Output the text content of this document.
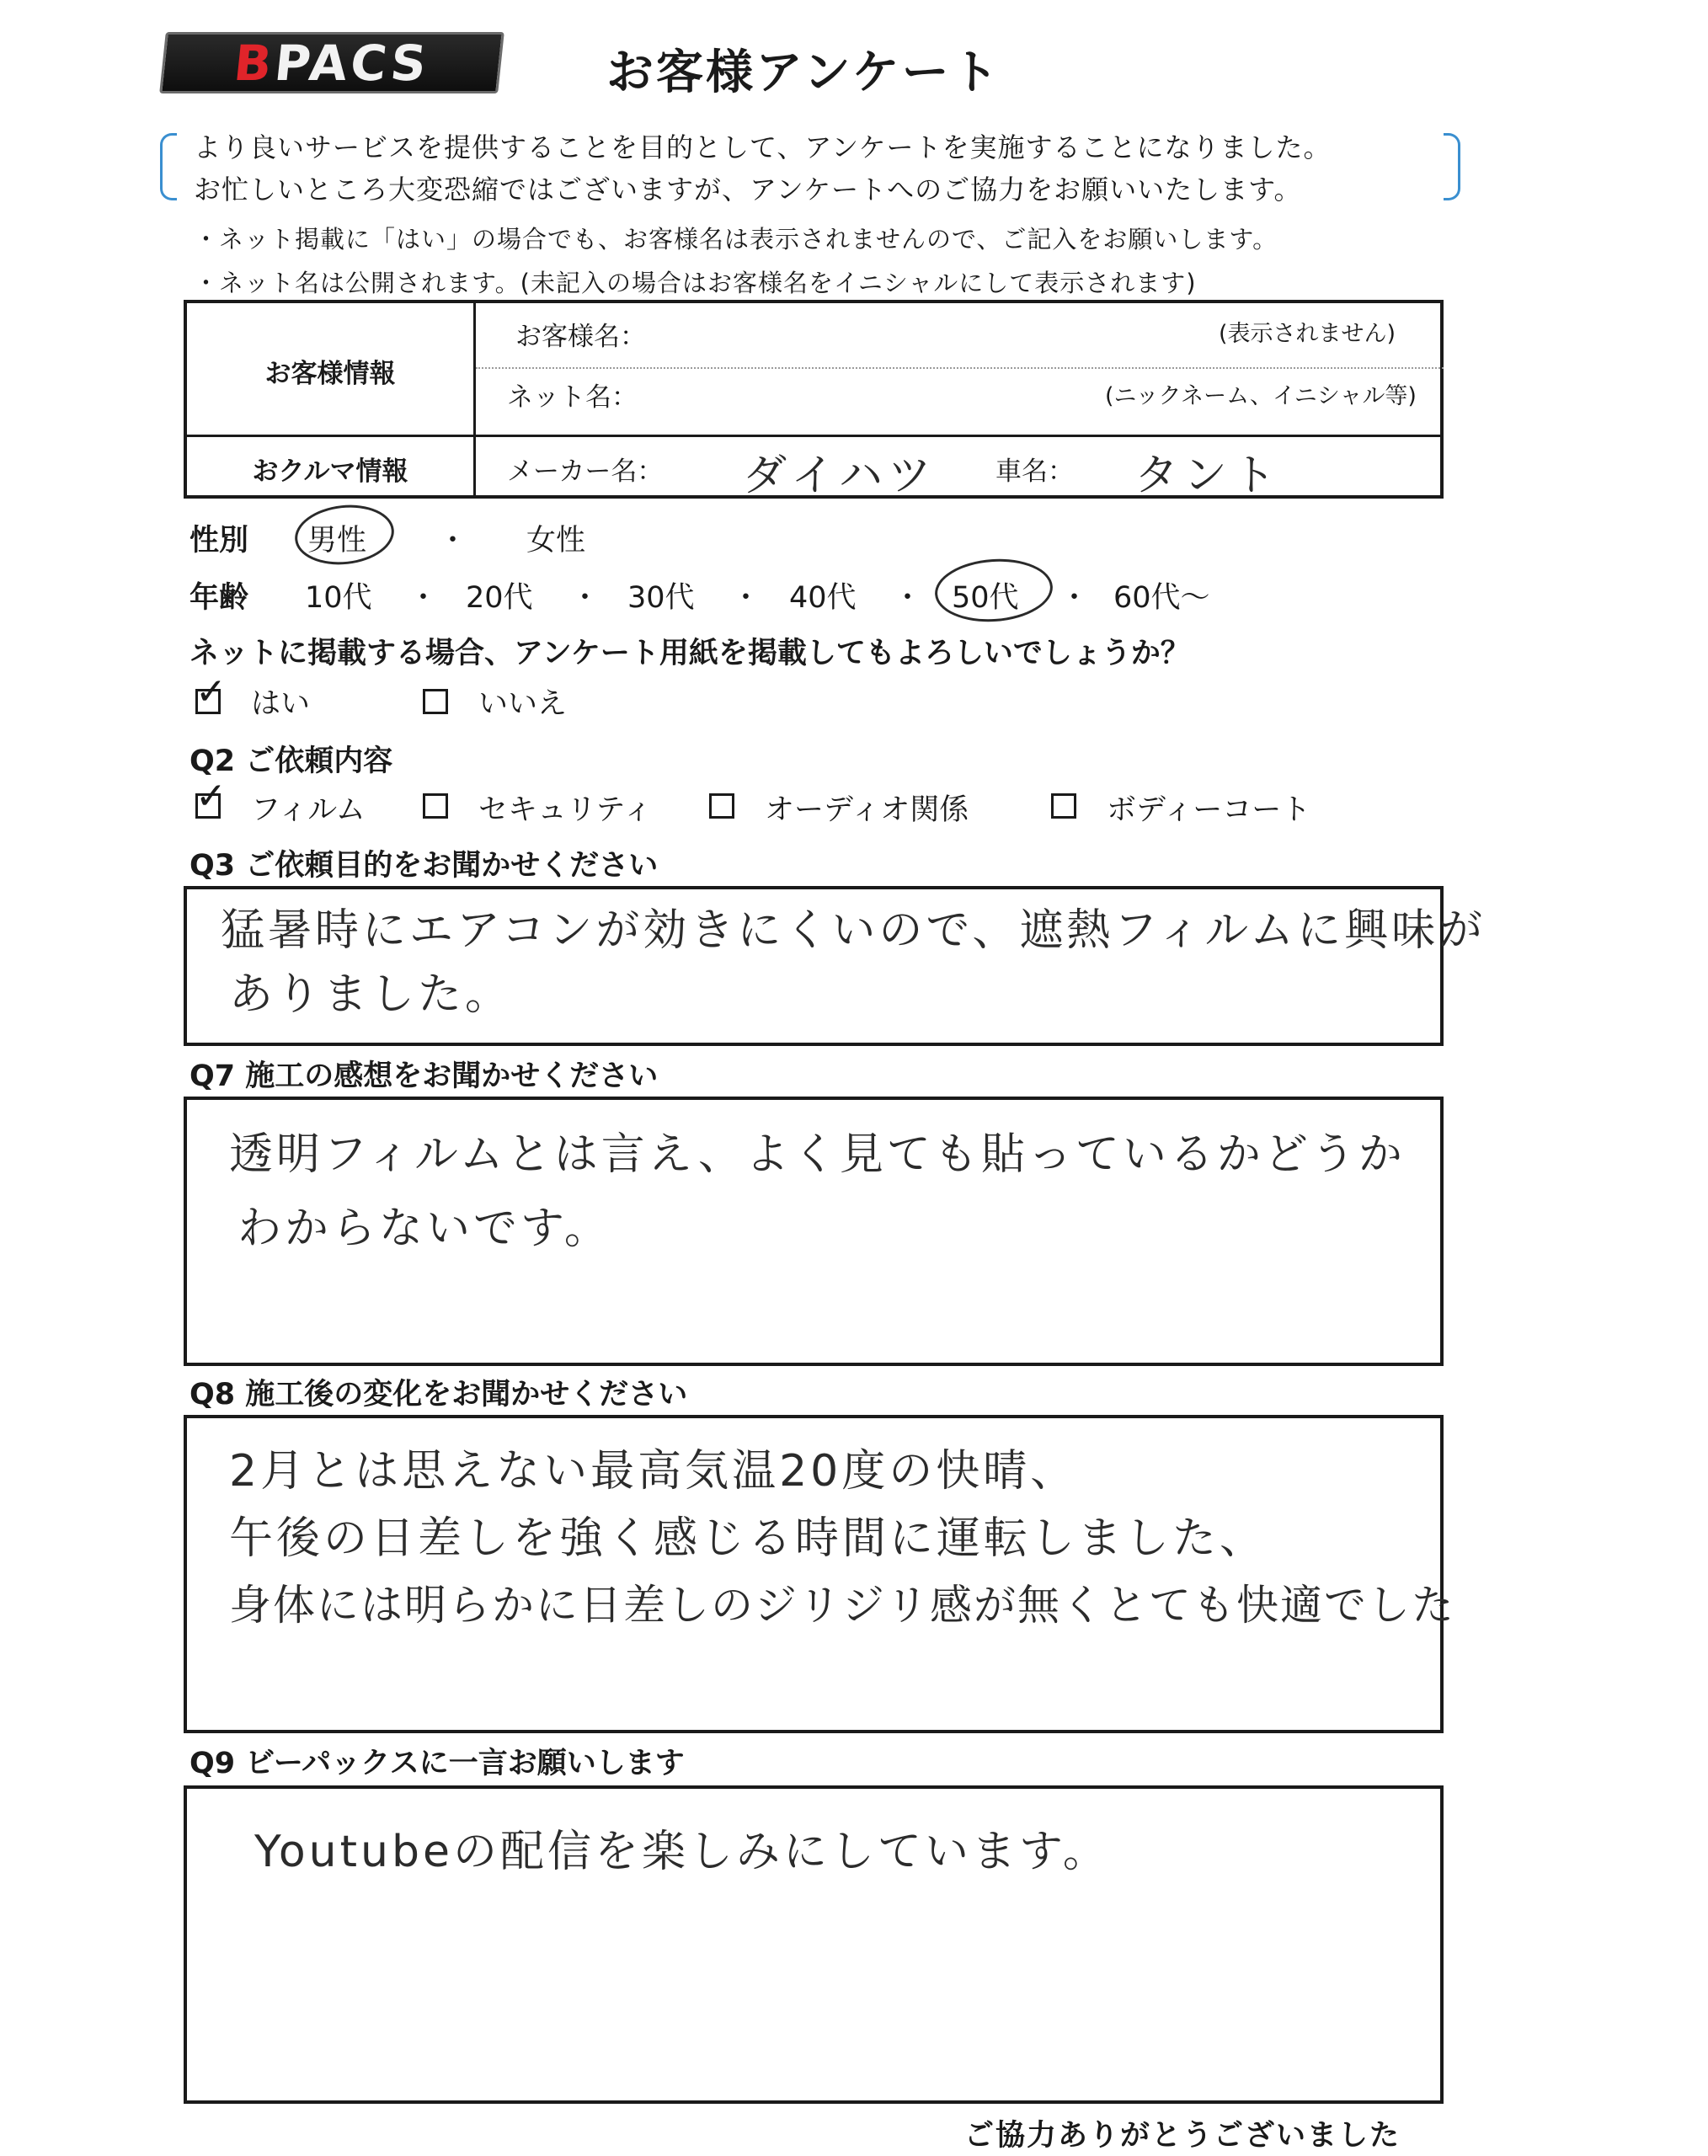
B
PACS	お客様アンケート
より良いサービスを提供することを目的として、アンケートを実施することになりました。
お忙しいところ大変恐縮ではございますが、アンケートへのご協力をお願いいたします。
・ネット掲載に「はい」の場合でも、お客様名は表示されませんので、ご記入をお願いします。
・ネット名は公開されます。(未記入の場合はお客様名をイニシャルにして表示されます)
お客様情報
お客様名：	(表示されません)
ネット名：	(ニックネーム、イニシャル等)
おクルマ情報	メーカー名： ダイハツ 車名： タント
性別 男性 ・ 女性
年齢 10代 ・ 20代 ・ 30代 ・ 40代 ・ 50代 ・ 60代～
ネットに掲載する場合、アンケート用紙を掲載してもよろしいでしょうか？
✓ はい	いいえ
Q2 ご依頼内容
✓ フィルム	セキュリティ	オーディオ関係	ボディーコート
Q3 ご依頼目的をお聞かせください
猛暑時にエアコンが効きにくいので、遮熱フィルムに興味が
ありました。
Q7 施工の感想をお聞かせください
透明フィルムとは言え、よく見ても貼っているかどうか
わからないです。
Q8 施工後の変化をお聞かせください
2月とは思えない最高気温20度の快晴、
午後の日差しを強く感じる時間に運転しました、
身体には明らかに日差しのジリジリ感が無くとても快適でした
Q9 ビーパックスに一言お願いします
Youtubeの配信を楽しみにしています。
ご協力ありがとうございました
